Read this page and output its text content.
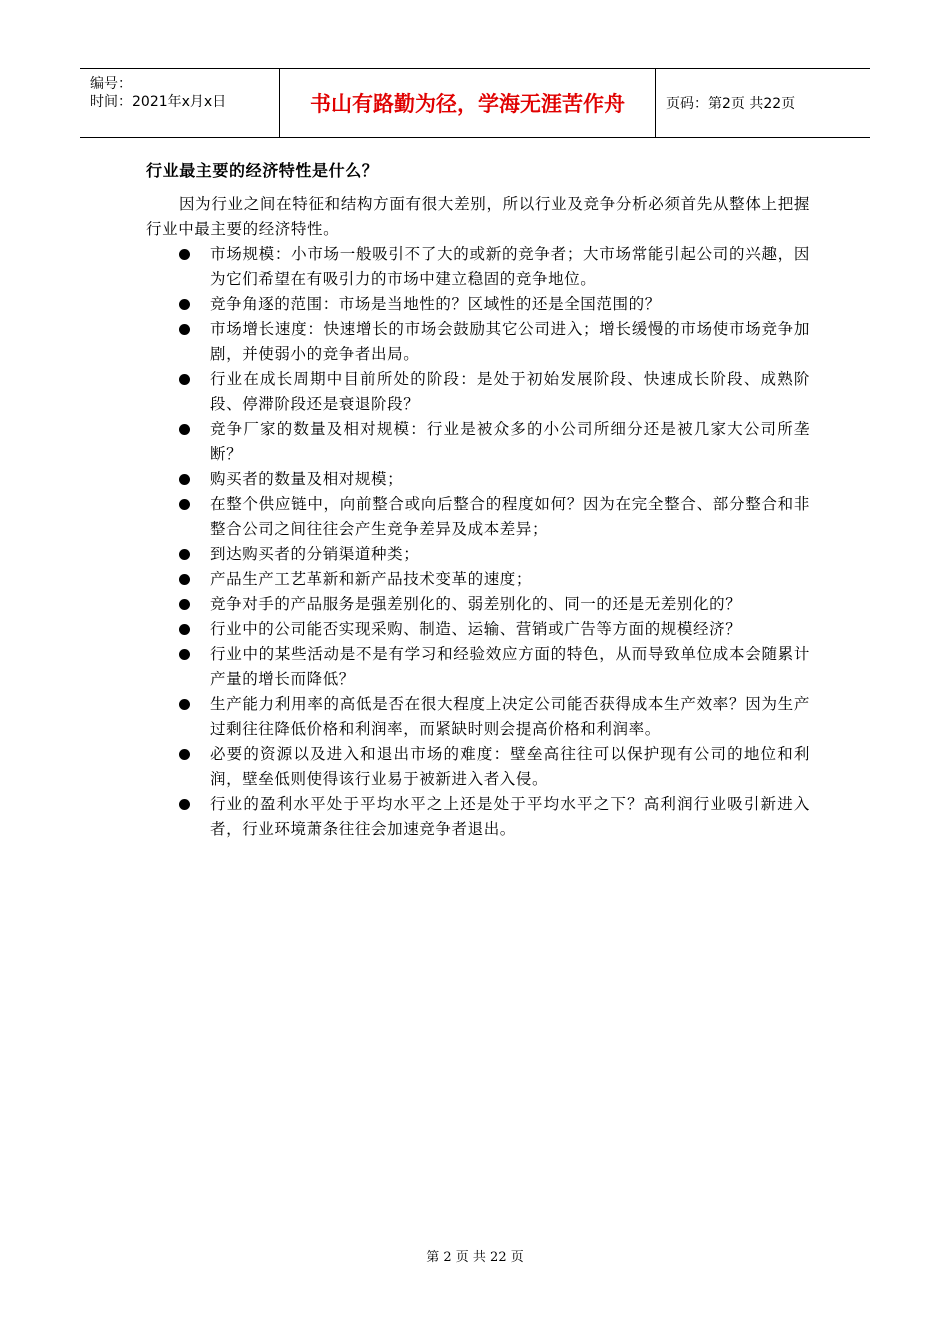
编号：
时间：2021年x月x日	书山有路勤为径，学海无涯苦作舟	页码：第2页 共22页

行业最主要的经济特性是什么？

因为行业之间在特征和结构方面有很大差别，所以行业及竞争分析必须首先从整体上把握行业中最主要的经济特性。

市场规模：小市场一般吸引不了大的或新的竞争者；大市场常能引起公司的兴趣，因为它们希望在有吸引力的市场中建立稳固的竞争地位。
竞争角逐的范围：市场是当地性的？区域性的还是全国范围的？
市场增长速度：快速增长的市场会鼓励其它公司进入；增长缓慢的市场使市场竞争加剧，并使弱小的竞争者出局。
行业在成长周期中目前所处的阶段：是处于初始发展阶段、快速成长阶段、成熟阶段、停滞阶段还是衰退阶段？
竞争厂家的数量及相对规模：行业是被众多的小公司所细分还是被几家大公司所垄断？
购买者的数量及相对规模；
在整个供应链中，向前整合或向后整合的程度如何？因为在完全整合、部分整合和非整合公司之间往往会产生竞争差异及成本差异；
到达购买者的分销渠道种类；
产品生产工艺革新和新产品技术变革的速度；
竞争对手的产品服务是强差别化的、弱差别化的、同一的还是无差别化的？
行业中的公司能否实现采购、制造、运输、营销或广告等方面的规模经济？
行业中的某些活动是不是有学习和经验效应方面的特色，从而导致单位成本会随累计产量的增长而降低？
生产能力利用率的高低是否在很大程度上决定公司能否获得成本生产效率？因为生产过剩往往降低价格和利润率，而紧缺时则会提高价格和利润率。
必要的资源以及进入和退出市场的难度：壁垒高往往可以保护现有公司的地位和利润，壁垒低则使得该行业易于被新进入者入侵。
行业的盈利水平处于平均水平之上还是处于平均水平之下？高利润行业吸引新进入者，行业环境萧条往往会加速竞争者退出。
第 2 页 共 22 页
